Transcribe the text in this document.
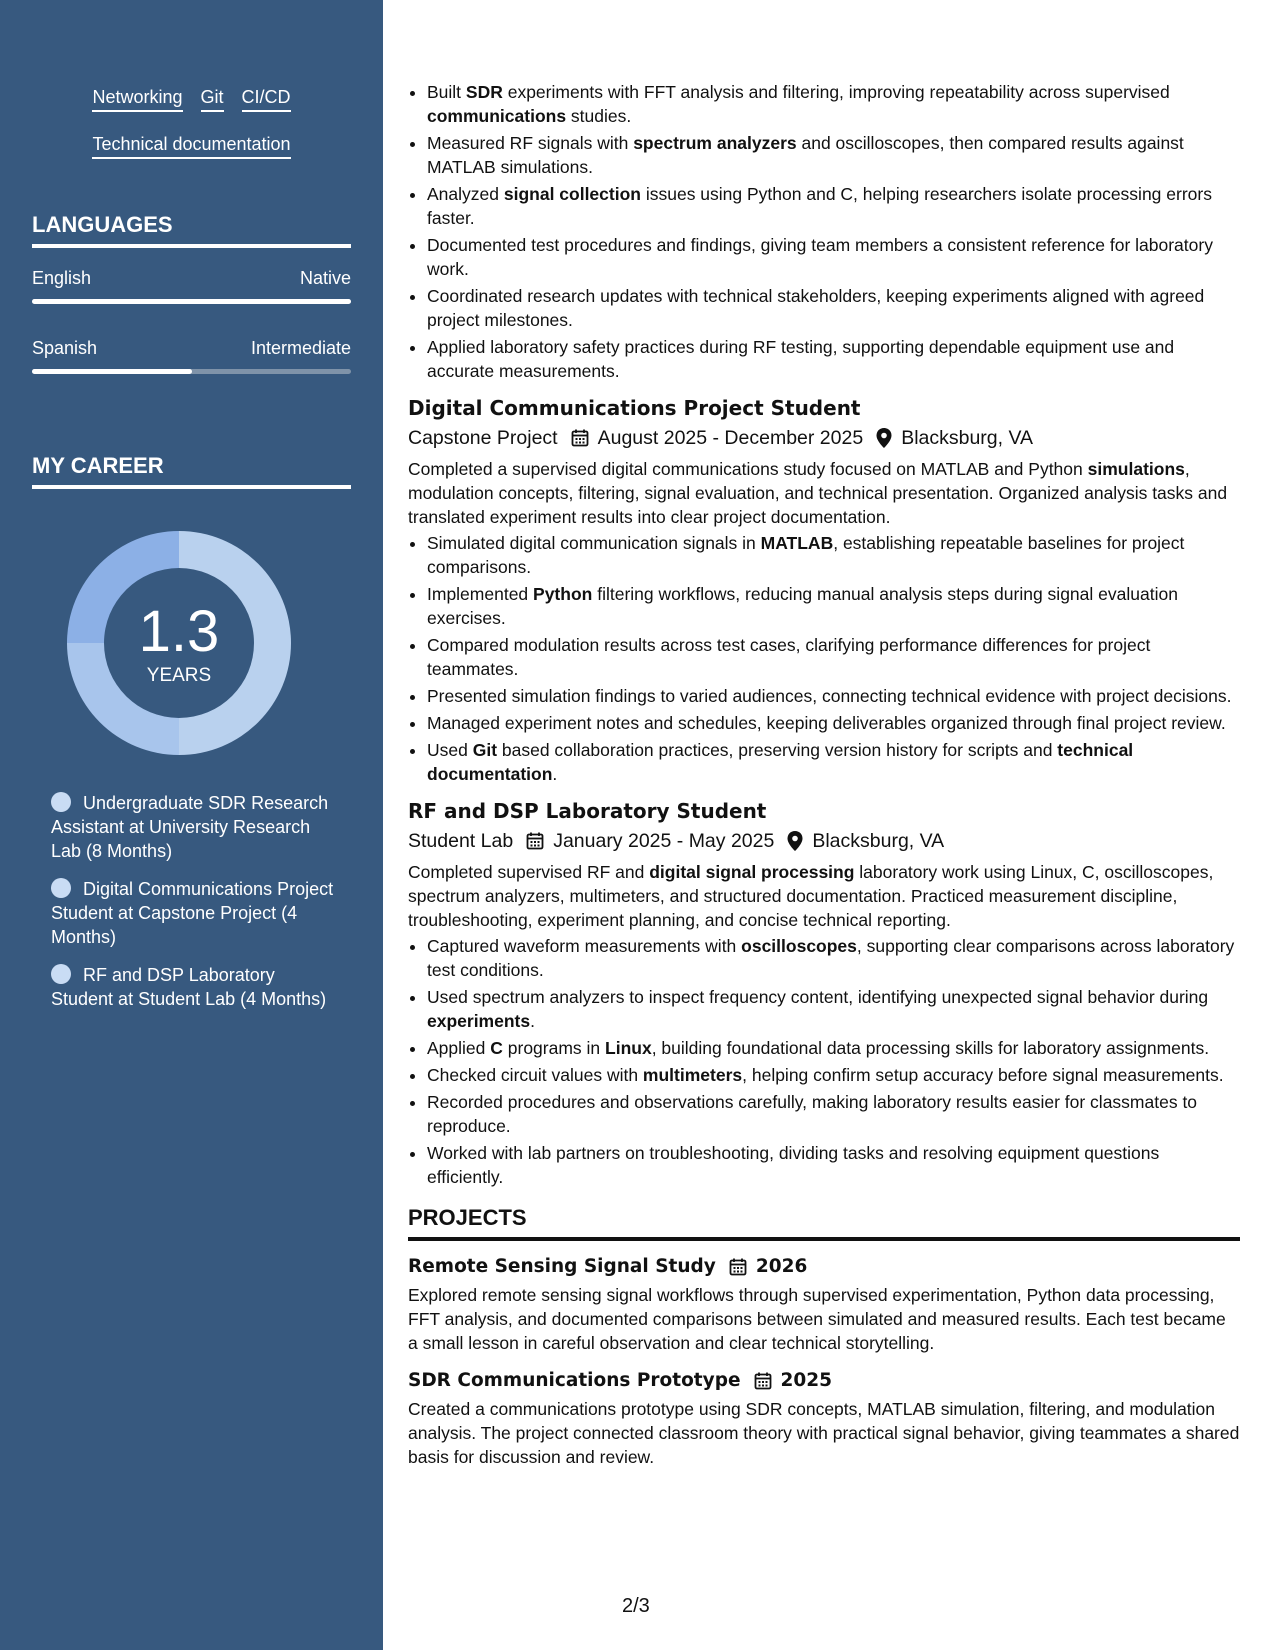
Networking Git CI/CD
Technical documentation
LANGUAGES
English	Native
Spanish	Intermediate
MY CAREER
1.3
YEARS
Undergraduate SDR Research Assistant at University Research Lab (8 Months)
Digital Communications Project Student at Capstone Project (4 Months)
RF and DSP Laboratory Student at Student Lab (4 Months)
• Built SDR experiments with FFT analysis and filtering, improving repeatability across supervised communications studies.
• Measured RF signals with spectrum analyzers and oscilloscopes, then compared results against MATLAB simulations.
• Analyzed signal collection issues using Python and C, helping researchers isolate processing errors faster.
• Documented test procedures and findings, giving team members a consistent reference for laboratory work.
• Coordinated research updates with technical stakeholders, keeping experiments aligned with agreed project milestones.
• Applied laboratory safety practices during RF testing, supporting dependable equipment use and accurate measurements.
Digital Communications Project Student
Capstone Project August 2025 - December 2025 Blacksburg, VA
Completed a supervised digital communications study focused on MATLAB and Python simulations, modulation concepts, filtering, signal evaluation, and technical presentation. Organized analysis tasks and translated experiment results into clear project documentation.
• Simulated digital communication signals in MATLAB, establishing repeatable baselines for project comparisons.
• Implemented Python filtering workflows, reducing manual analysis steps during signal evaluation exercises.
• Compared modulation results across test cases, clarifying performance differences for project teammates.
• Presented simulation findings to varied audiences, connecting technical evidence with project decisions.
• Managed experiment notes and schedules, keeping deliverables organized through final project review.
• Used Git based collaboration practices, preserving version history for scripts and technical documentation.
RF and DSP Laboratory Student
Student Lab January 2025 - May 2025 Blacksburg, VA
Completed supervised RF and digital signal processing laboratory work using Linux, C, oscilloscopes, spectrum analyzers, multimeters, and structured documentation. Practiced measurement discipline, troubleshooting, experiment planning, and concise technical reporting.
• Captured waveform measurements with oscilloscopes, supporting clear comparisons across laboratory test conditions.
• Used spectrum analyzers to inspect frequency content, identifying unexpected signal behavior during experiments.
• Applied C programs in Linux, building foundational data processing skills for laboratory assignments.
• Checked circuit values with multimeters, helping confirm setup accuracy before signal measurements.
• Recorded procedures and observations carefully, making laboratory results easier for classmates to reproduce.
• Worked with lab partners on troubleshooting, dividing tasks and resolving equipment questions efficiently.
PROJECTS
Remote Sensing Signal Study 2026
Explored remote sensing signal workflows through supervised experimentation, Python data processing, FFT analysis, and documented comparisons between simulated and measured results. Each test became a small lesson in careful observation and clear technical storytelling.
SDR Communications Prototype 2025
Created a communications prototype using SDR concepts, MATLAB simulation, filtering, and modulation analysis. The project connected classroom theory with practical signal behavior, giving teammates a shared basis for discussion and review.
2/3
